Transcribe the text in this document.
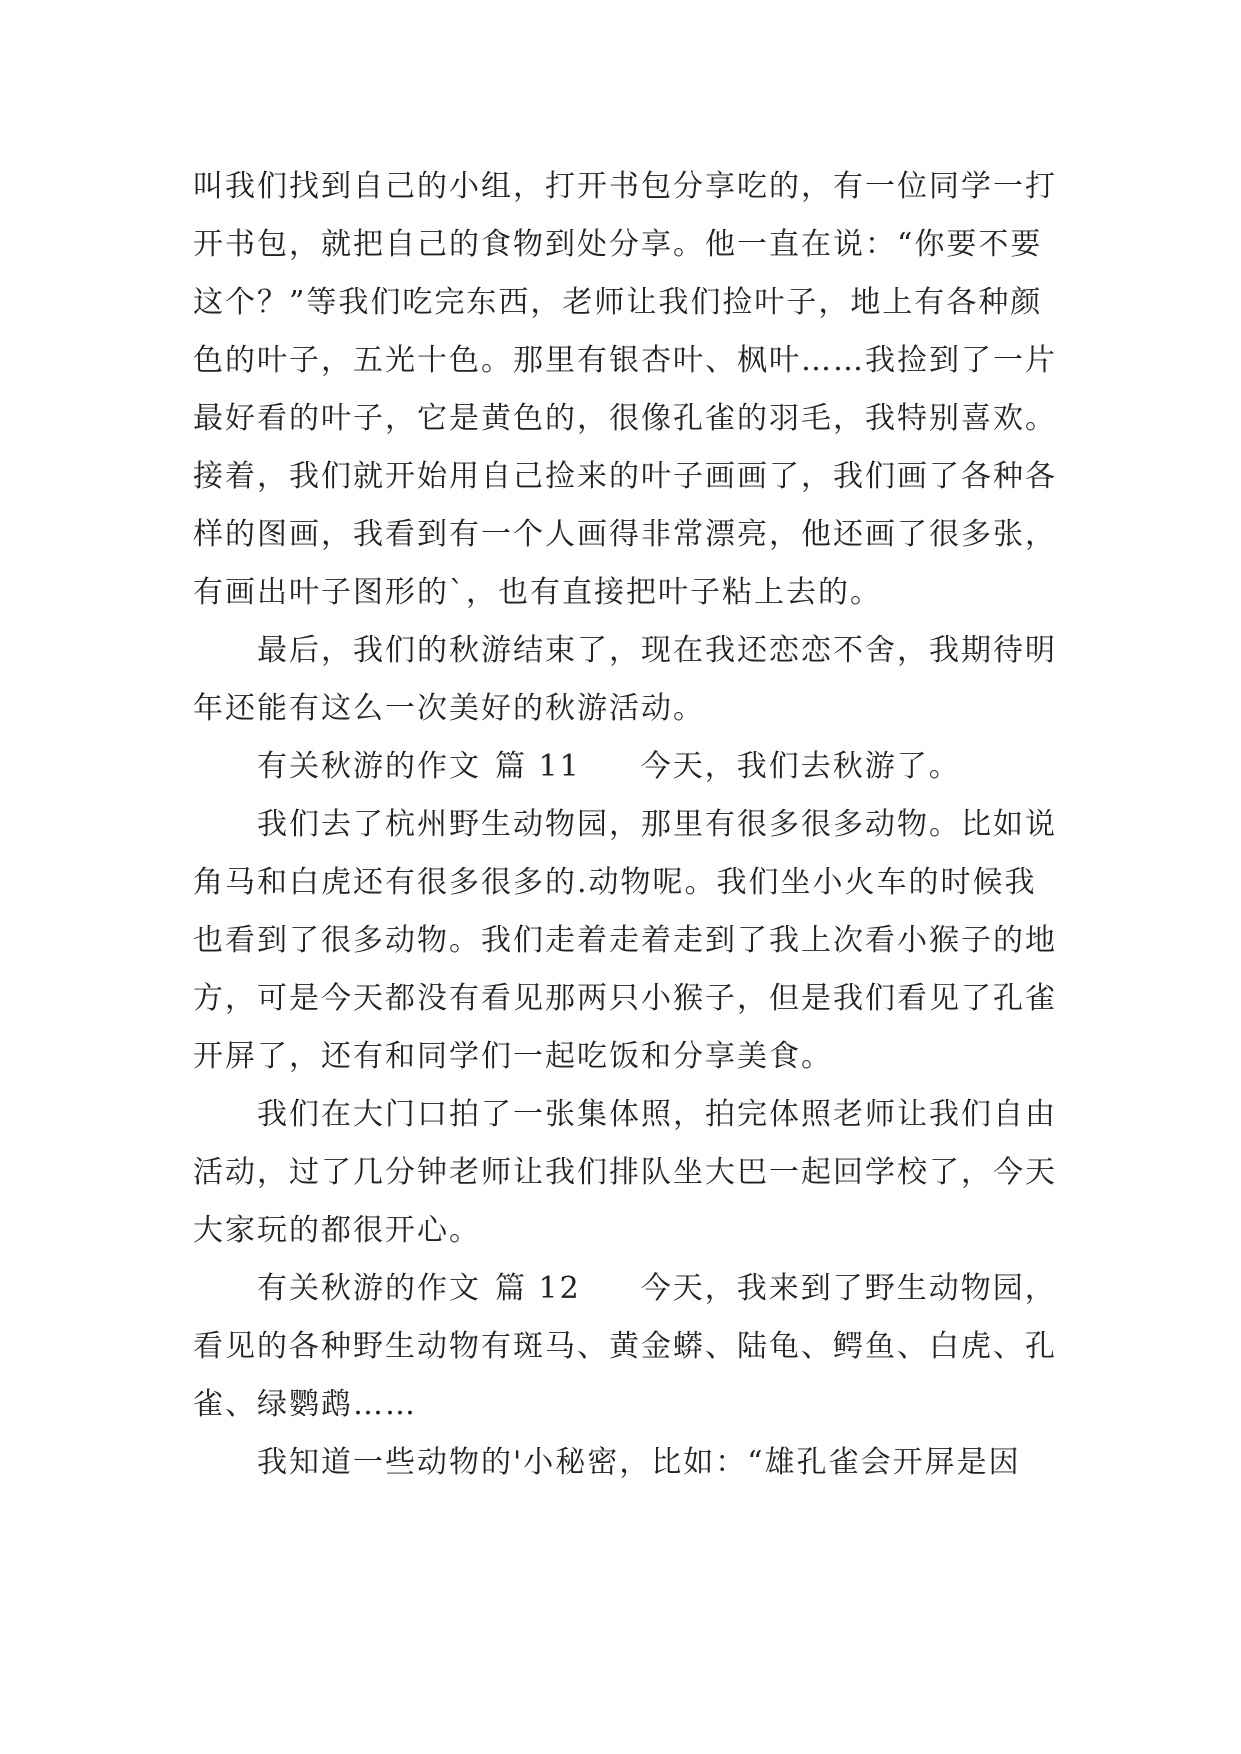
叫我们找到自己的小组，打开书包分享吃的，有一位同学一打开书包，就把自己的食物到处分享。他一直在说：“你要不要这个？”等我们吃完东西，老师让我们捡叶子，地上有各种颜色的叶子，五光十色。那里有银杏叶、枫叶……我捡到了一片最好看的叶子，它是黄色的，很像孔雀的羽毛，我特别喜欢。接着，我们就开始用自己捡来的叶子画画了，我们画了各种各样的图画，我看到有一个人画得非常漂亮，他还画了很多张，有画出叶子图形的`，也有直接把叶子粘上去的。

最后，我们的秋游结束了，现在我还恋恋不舍，我期待明年还能有这么一次美好的秋游活动。

有关秋游的作文 篇 11 今天，我们去秋游了。

我们去了杭州野生动物园，那里有很多很多动物。比如说角马和白虎还有很多很多的.动物呢。我们坐小火车的时候我也看到了很多动物。我们走着走着走到了我上次看小猴子的地方，可是今天都没有看见那两只小猴子，但是我们看见了孔雀开屏了，还有和同学们一起吃饭和分享美食。

我们在大门口拍了一张集体照，拍完体照老师让我们自由活动，过了几分钟老师让我们排队坐大巴一起回学校了，今天大家玩的都很开心。

有关秋游的作文 篇 12 今天，我来到了野生动物园，看见的各种野生动物有斑马、黄金蟒、陆龟、鳄鱼、白虎、孔雀、绿鹦鹉……

我知道一些动物的'小秘密，比如：“雄孔雀会开屏是因
